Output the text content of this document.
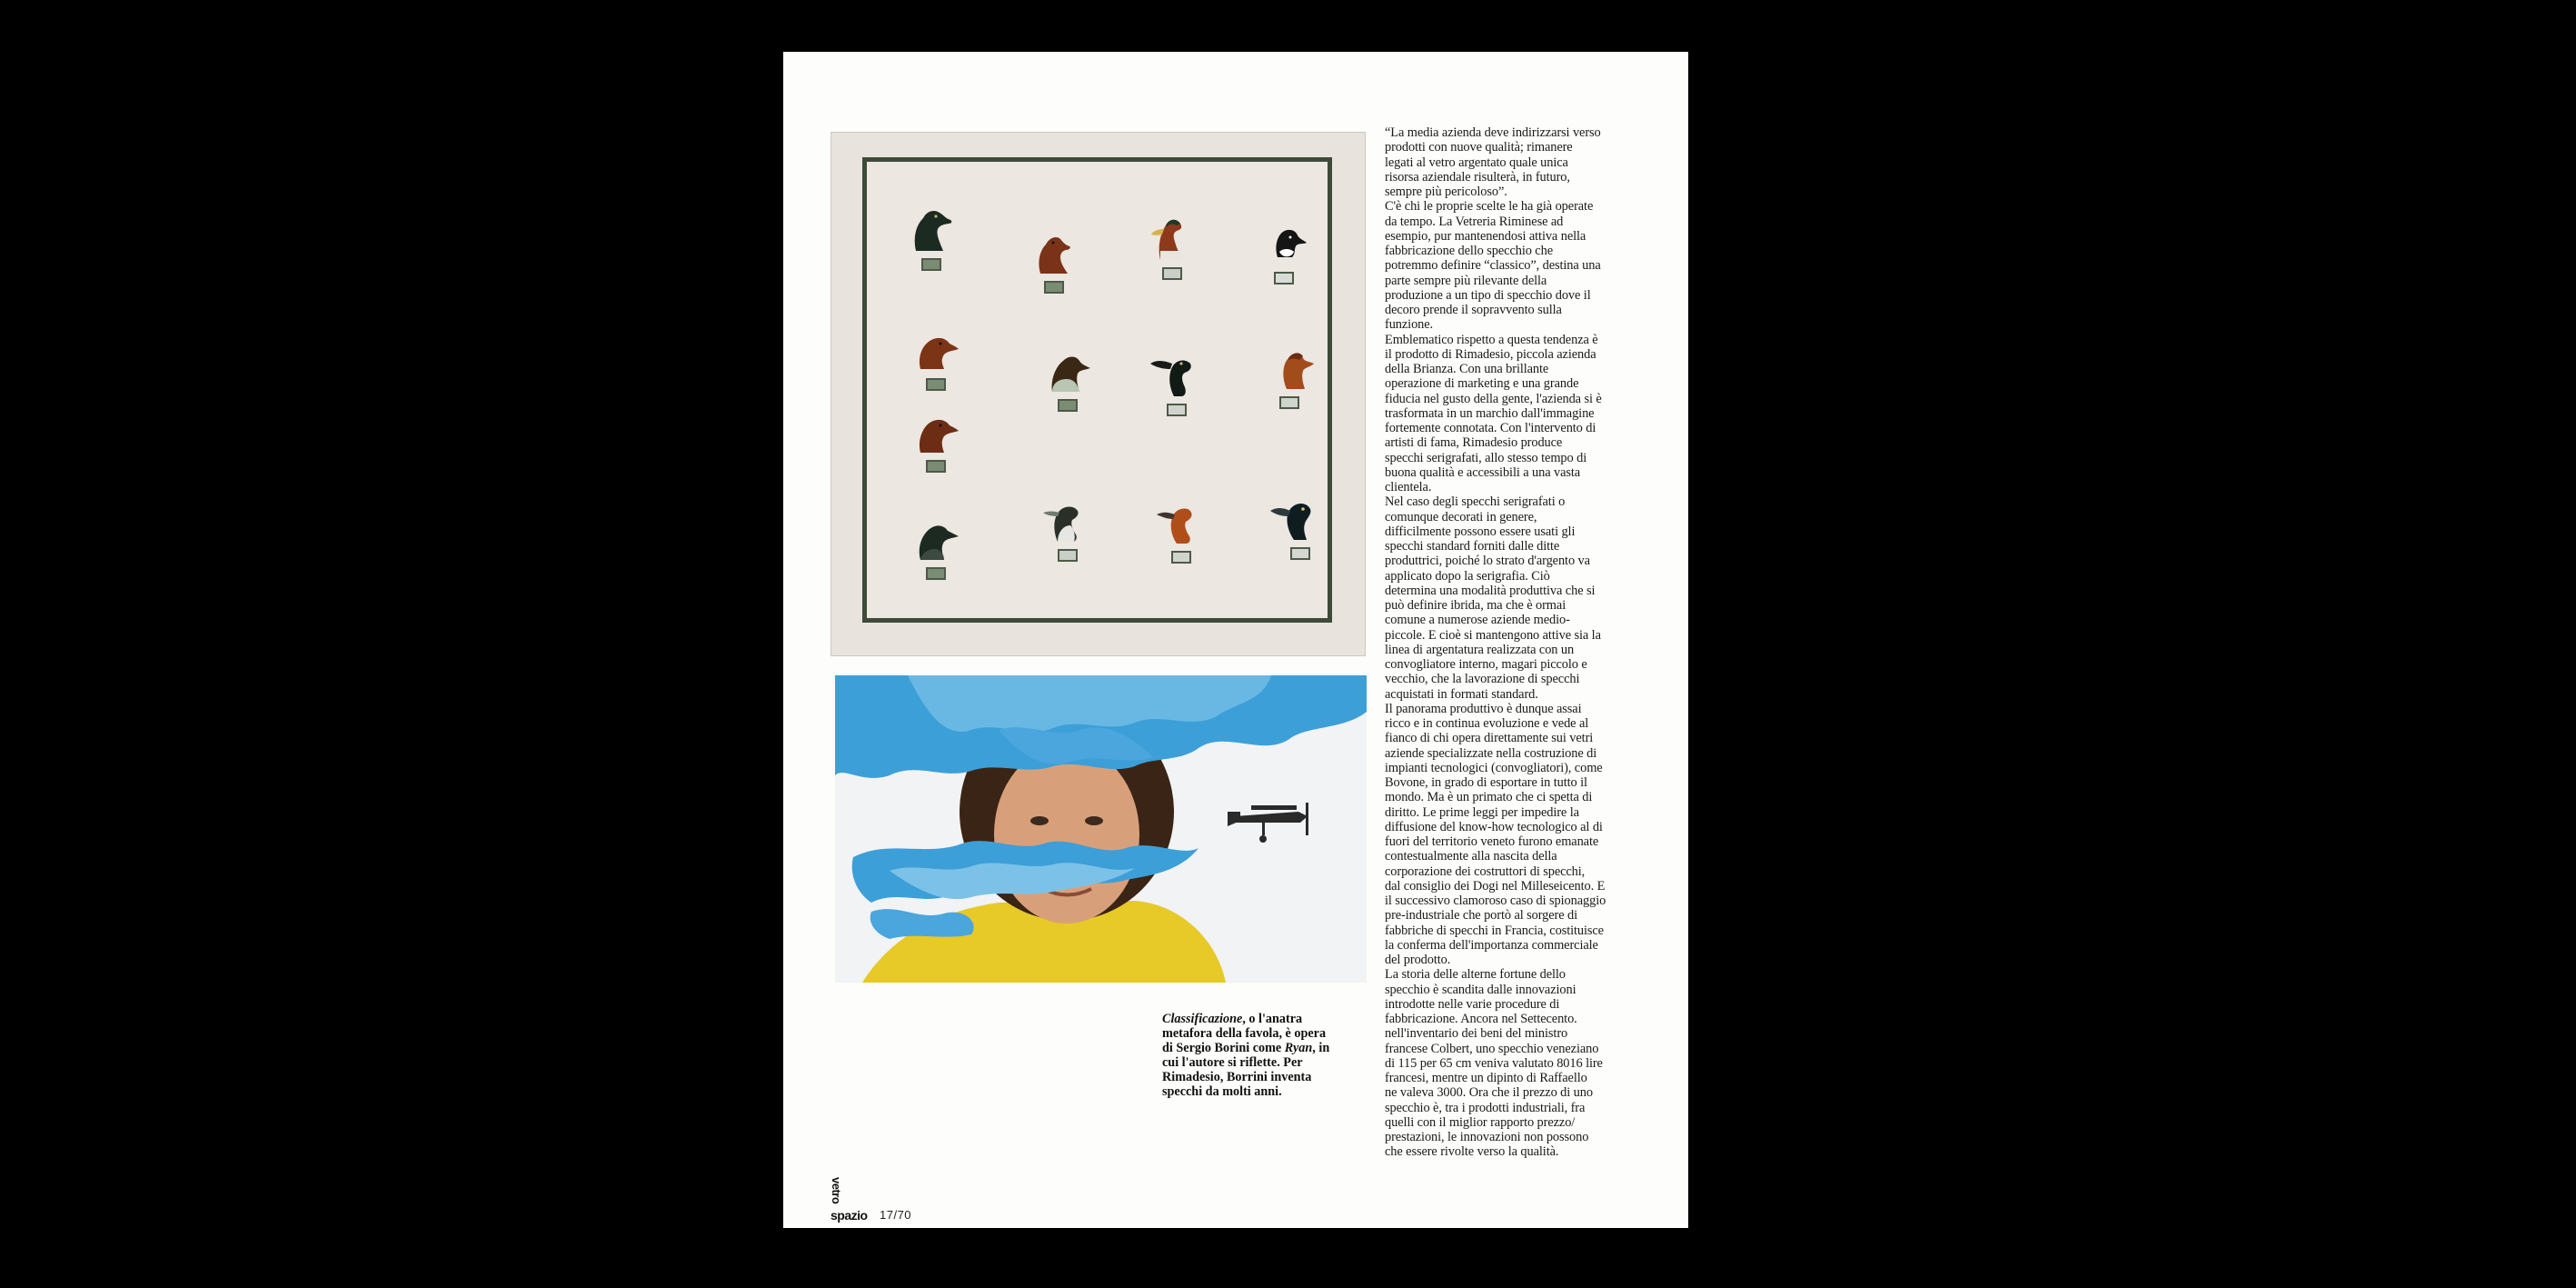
Classificazione, o l'anatra
metafora della favola, è opera
di Sergio Borini come Ryan, in
cui l'autore si riflette. Per
Rimadesio, Borrini inventa
specchi da molti anni.
“La media azienda deve indirizzarsi verso
prodotti con nuove qualità; rimanere
legati al vetro argentato quale unica
risorsa aziendale risulterà, in futuro,
sempre più pericoloso”.
C'è chi le proprie scelte le ha già operate
da tempo. La Vetreria Riminese ad
esempio, pur mantenendosi attiva nella
fabbricazione dello specchio che
potremmo definire “classico”, destina una
parte sempre più rilevante della
produzione a un tipo di specchio dove il
decoro prende il sopravvento sulla
funzione.
Emblematico rispetto a questa tendenza è
il prodotto di Rimadesio, piccola azienda
della Brianza. Con una brillante
operazione di marketing e una grande
fiducia nel gusto della gente, l'azienda si è
trasformata in un marchio dall'immagine
fortemente connotata. Con l'intervento di
artisti di fama, Rimadesio produce
specchi serigrafati, allo stesso tempo di
buona qualità e accessibili a una vasta
clientela.
Nel caso degli specchi serigrafati o
comunque decorati in genere,
difficilmente possono essere usati gli
specchi standard forniti dalle ditte
produttrici, poiché lo strato d'argento va
applicato dopo la serigrafia. Ciò
determina una modalità produttiva che si
può definire ibrida, ma che è ormai
comune a numerose aziende medio-
piccole. E cioè si mantengono attive sia la
linea di argentatura realizzata con un
convogliatore interno, magari piccolo e
vecchio, che la lavorazione di specchi
acquistati in formati standard.
Il panorama produttivo è dunque assai
ricco e in continua evoluzione e vede al
fianco di chi opera direttamente sui vetri
aziende specializzate nella costruzione di
impianti tecnologici (convogliatori), come
Bovone, in grado di esportare in tutto il
mondo. Ma è un primato che ci spetta di
diritto. Le prime leggi per impedire la
diffusione del know-how tecnologico al di
fuori del territorio veneto furono emanate
contestualmente alla nascita della
corporazione dei costruttori di specchi,
dal consiglio dei Dogi nel Milleseicento. E
il successivo clamoroso caso di spionaggio
pre-industriale che portò al sorgere di
fabbriche di specchi in Francia, costituisce
la conferma dell'importanza commerciale
del prodotto.
La storia delle alterne fortune dello
specchio è scandita dalle innovazioni
introdotte nelle varie procedure di
fabbricazione. Ancora nel Settecento.
nell'inventario dei beni del ministro
francese Colbert, uno specchio veneziano
di 115 per 65 cm veniva valutato 8016 lire
francesi, mentre un dipinto di Raffaello
ne valeva 3000. Ora che il prezzo di uno
specchio è, tra i prodotti industriali, fra
quelli con il miglior rapporto prezzo/
prestazioni, le innovazioni non possono
che essere rivolte verso la qualità.
vetro
spazio 17/70
